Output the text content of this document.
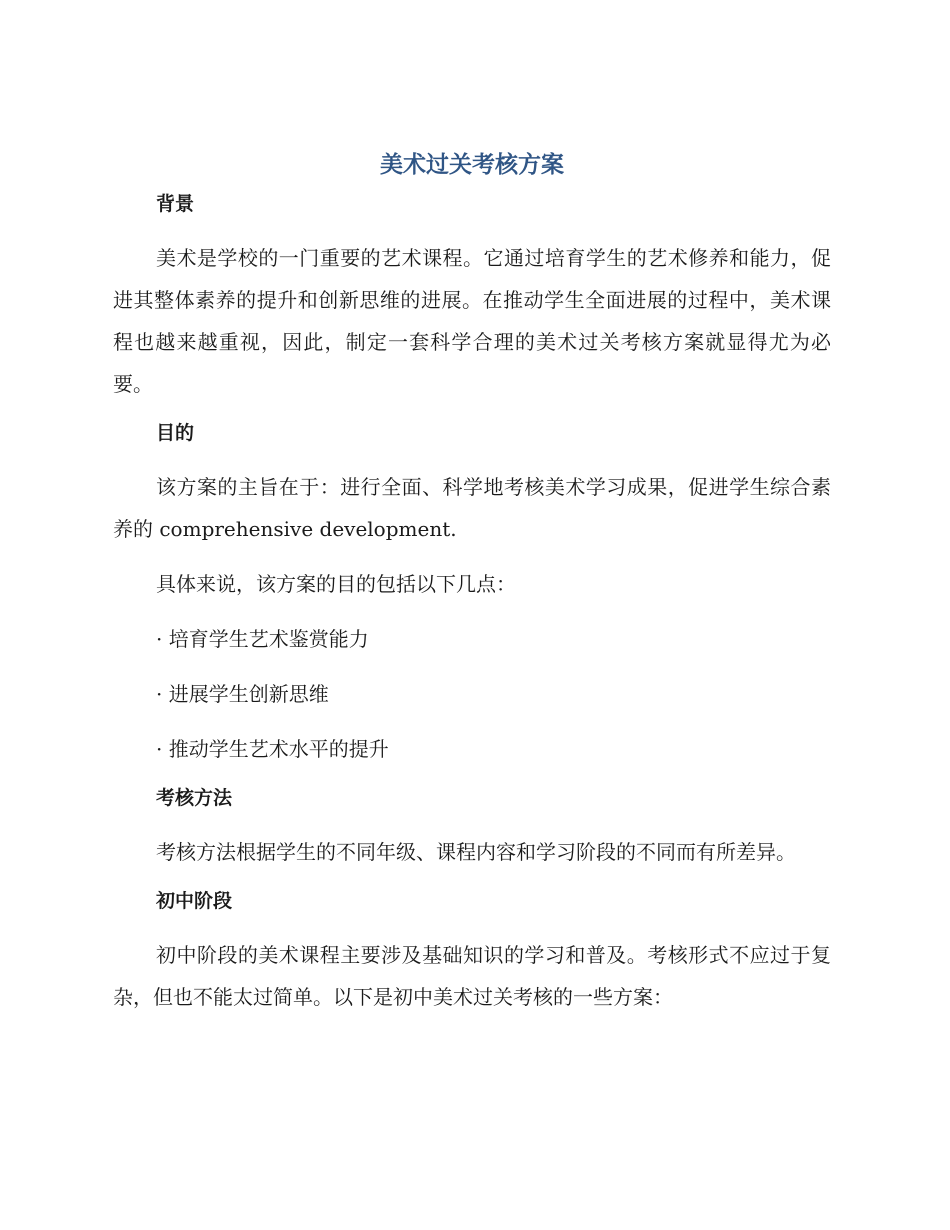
美术过关考核方案
背景

美术是学校的一门重要的艺术课程。它通过培育学生的艺术修养和能力，促进其整体素养的提升和创新思维的进展。在推动学生全面进展的过程中，美术课程也越来越重视，因此，制定一套科学合理的美术过关考核方案就显得尤为必要。

目的

该方案的主旨在于：进行全面、科学地考核美术学习成果，促进学生综合素养的 comprehensive development.

具体来说，该方案的目的包括以下几点：

· 培育学生艺术鉴赏能力

· 进展学生创新思维

· 推动学生艺术水平的提升

考核方法

考核方法根据学生的不同年级、课程内容和学习阶段的不同而有所差异。

初中阶段

初中阶段的美术课程主要涉及基础知识的学习和普及。考核形式不应过于复杂，但也不能太过简单。以下是初中美术过关考核的一些方案：
